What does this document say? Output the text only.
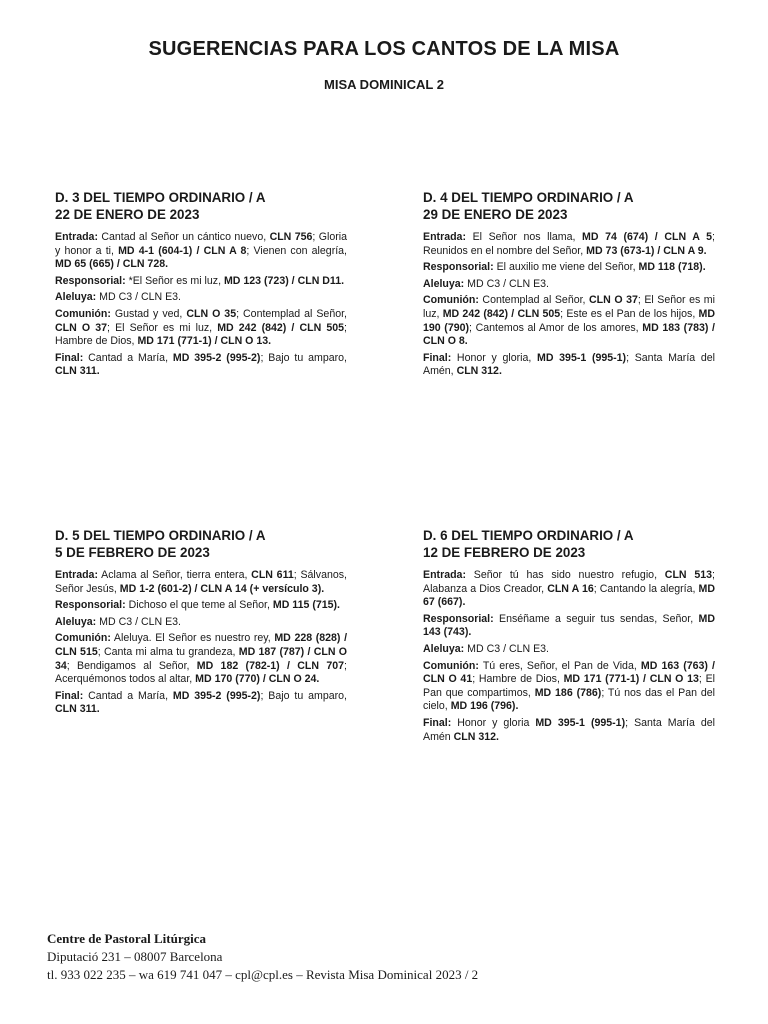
SUGERENCIAS PARA LOS CANTOS DE LA MISA
MISA DOMINICAL 2
D. 3 DEL TIEMPO ORDINARIO / A
22 DE ENERO DE 2023

Entrada: Cantad al Señor un cántico nuevo, CLN 756; Gloria y honor a ti, MD 4-1 (604-1) / CLN A 8; Vienen con alegría, MD 65 (665) / CLN 728.

Responsorial: *El Señor es mi luz, MD 123 (723) / CLN D11.

Aleluya: MD C3 / CLN E3.

Comunión: Gustad y ved, CLN O 35; Contemplad al Señor, CLN O 37; El Señor es mi luz, MD 242 (842) / CLN 505; Hambre de Dios, MD 171 (771-1) / CLN O 13.

Final: Cantad a María, MD 395-2 (995-2); Bajo tu amparo, CLN 311.

D. 4 DEL TIEMPO ORDINARIO / A
29 DE ENERO DE 2023

Entrada: El Señor nos llama, MD 74 (674) / CLN A 5; Reunidos en el nombre del Señor, MD 73 (673-1) / CLN A 9.

Responsorial: El auxilio me viene del Señor, MD 118 (718).

Aleluya: MD C3 / CLN E3.

Comunión: Contemplad al Señor, CLN O 37; El Señor es mi luz, MD 242 (842) / CLN 505; Este es el Pan de los hijos, MD 190 (790); Cantemos al Amor de los amores, MD 183 (783) / CLN O 8.

Final: Honor y gloria, MD 395-1 (995-1); Santa María del Amén, CLN 312.

D. 5 DEL TIEMPO ORDINARIO / A
5 DE FEBRERO DE 2023

Entrada: Aclama al Señor, tierra entera, CLN 611; Sálvanos, Señor Jesús, MD 1-2 (601-2) / CLN A 14 (+ versículo 3).

Responsorial: Dichoso el que teme al Señor, MD 115 (715).

Aleluya: MD C3 / CLN E3.

Comunión: Aleluya. El Señor es nuestro rey, MD 228 (828) / CLN 515; Canta mi alma tu grandeza, MD 187 (787) / CLN O 34; Bendigamos al Señor, MD 182 (782-1) / CLN 707; Acerquémonos todos al altar, MD 170 (770) / CLN O 24.

Final: Cantad a María, MD 395-2 (995-2); Bajo tu amparo, CLN 311.

D. 6 DEL TIEMPO ORDINARIO / A
12 DE FEBRERO DE 2023

Entrada: Señor tú has sido nuestro refugio, CLN 513; Alabanza a Dios Creador, CLN A 16; Cantando la alegría, MD 67 (667).

Responsorial: Enséñame a seguir tus sendas, Señor, MD 143 (743).

Aleluya: MD C3 / CLN E3.

Comunión: Tú eres, Señor, el Pan de Vida, MD 163 (763) / CLN O 41; Hambre de Dios, MD 171 (771-1) / CLN O 13; El Pan que compartimos, MD 186 (786); Tú nos das el Pan del cielo, MD 196 (796).

Final: Honor y gloria MD 395-1 (995-1); Santa María del Amén CLN 312.

Centre de Pastoral Litúrgica
Diputació 231 – 08007 Barcelona
tl. 933 022 235 – wa 619 741 047 – cpl@cpl.es – Revista Misa Dominical 2023 / 2
